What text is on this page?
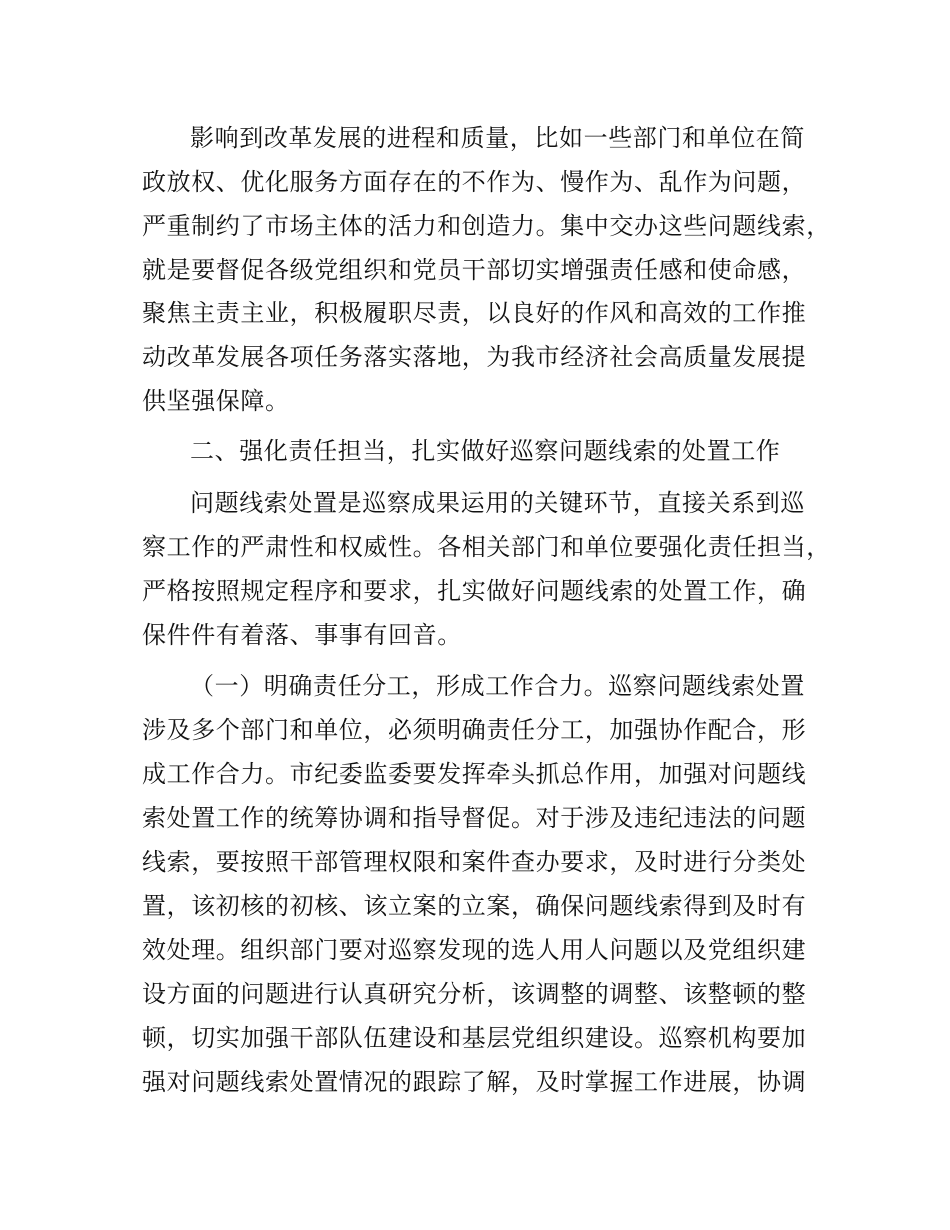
影响到改革发展的进程和质量，比如一些部门和单位在简
政放权、优化服务方面存在的不作为、慢作为、乱作为问题，
严重制约了市场主体的活力和创造力。集中交办这些问题线索，
就是要督促各级党组织和党员干部切实增强责任感和使命感，
聚焦主责主业，积极履职尽责，以良好的作风和高效的工作推
动改革发展各项任务落实落地，为我市经济社会高质量发展提
供坚强保障。
二、强化责任担当，扎实做好巡察问题线索的处置工作
问题线索处置是巡察成果运用的关键环节，直接关系到巡
察工作的严肃性和权威性。各相关部门和单位要强化责任担当，
严格按照规定程序和要求，扎实做好问题线索的处置工作，确
保件件有着落、事事有回音。
（一）明确责任分工，形成工作合力。巡察问题线索处置
涉及多个部门和单位，必须明确责任分工，加强协作配合，形
成工作合力。市纪委监委要发挥牵头抓总作用，加强对问题线
索处置工作的统筹协调和指导督促。对于涉及违纪违法的问题
线索，要按照干部管理权限和案件查办要求，及时进行分类处
置，该初核的初核、该立案的立案，确保问题线索得到及时有
效处理。组织部门要对巡察发现的选人用人问题以及党组织建
设方面的问题进行认真研究分析，该调整的调整、该整顿的整
顿，切实加强干部队伍建设和基层党组织建设。巡察机构要加
强对问题线索处置情况的跟踪了解，及时掌握工作进展，协调
